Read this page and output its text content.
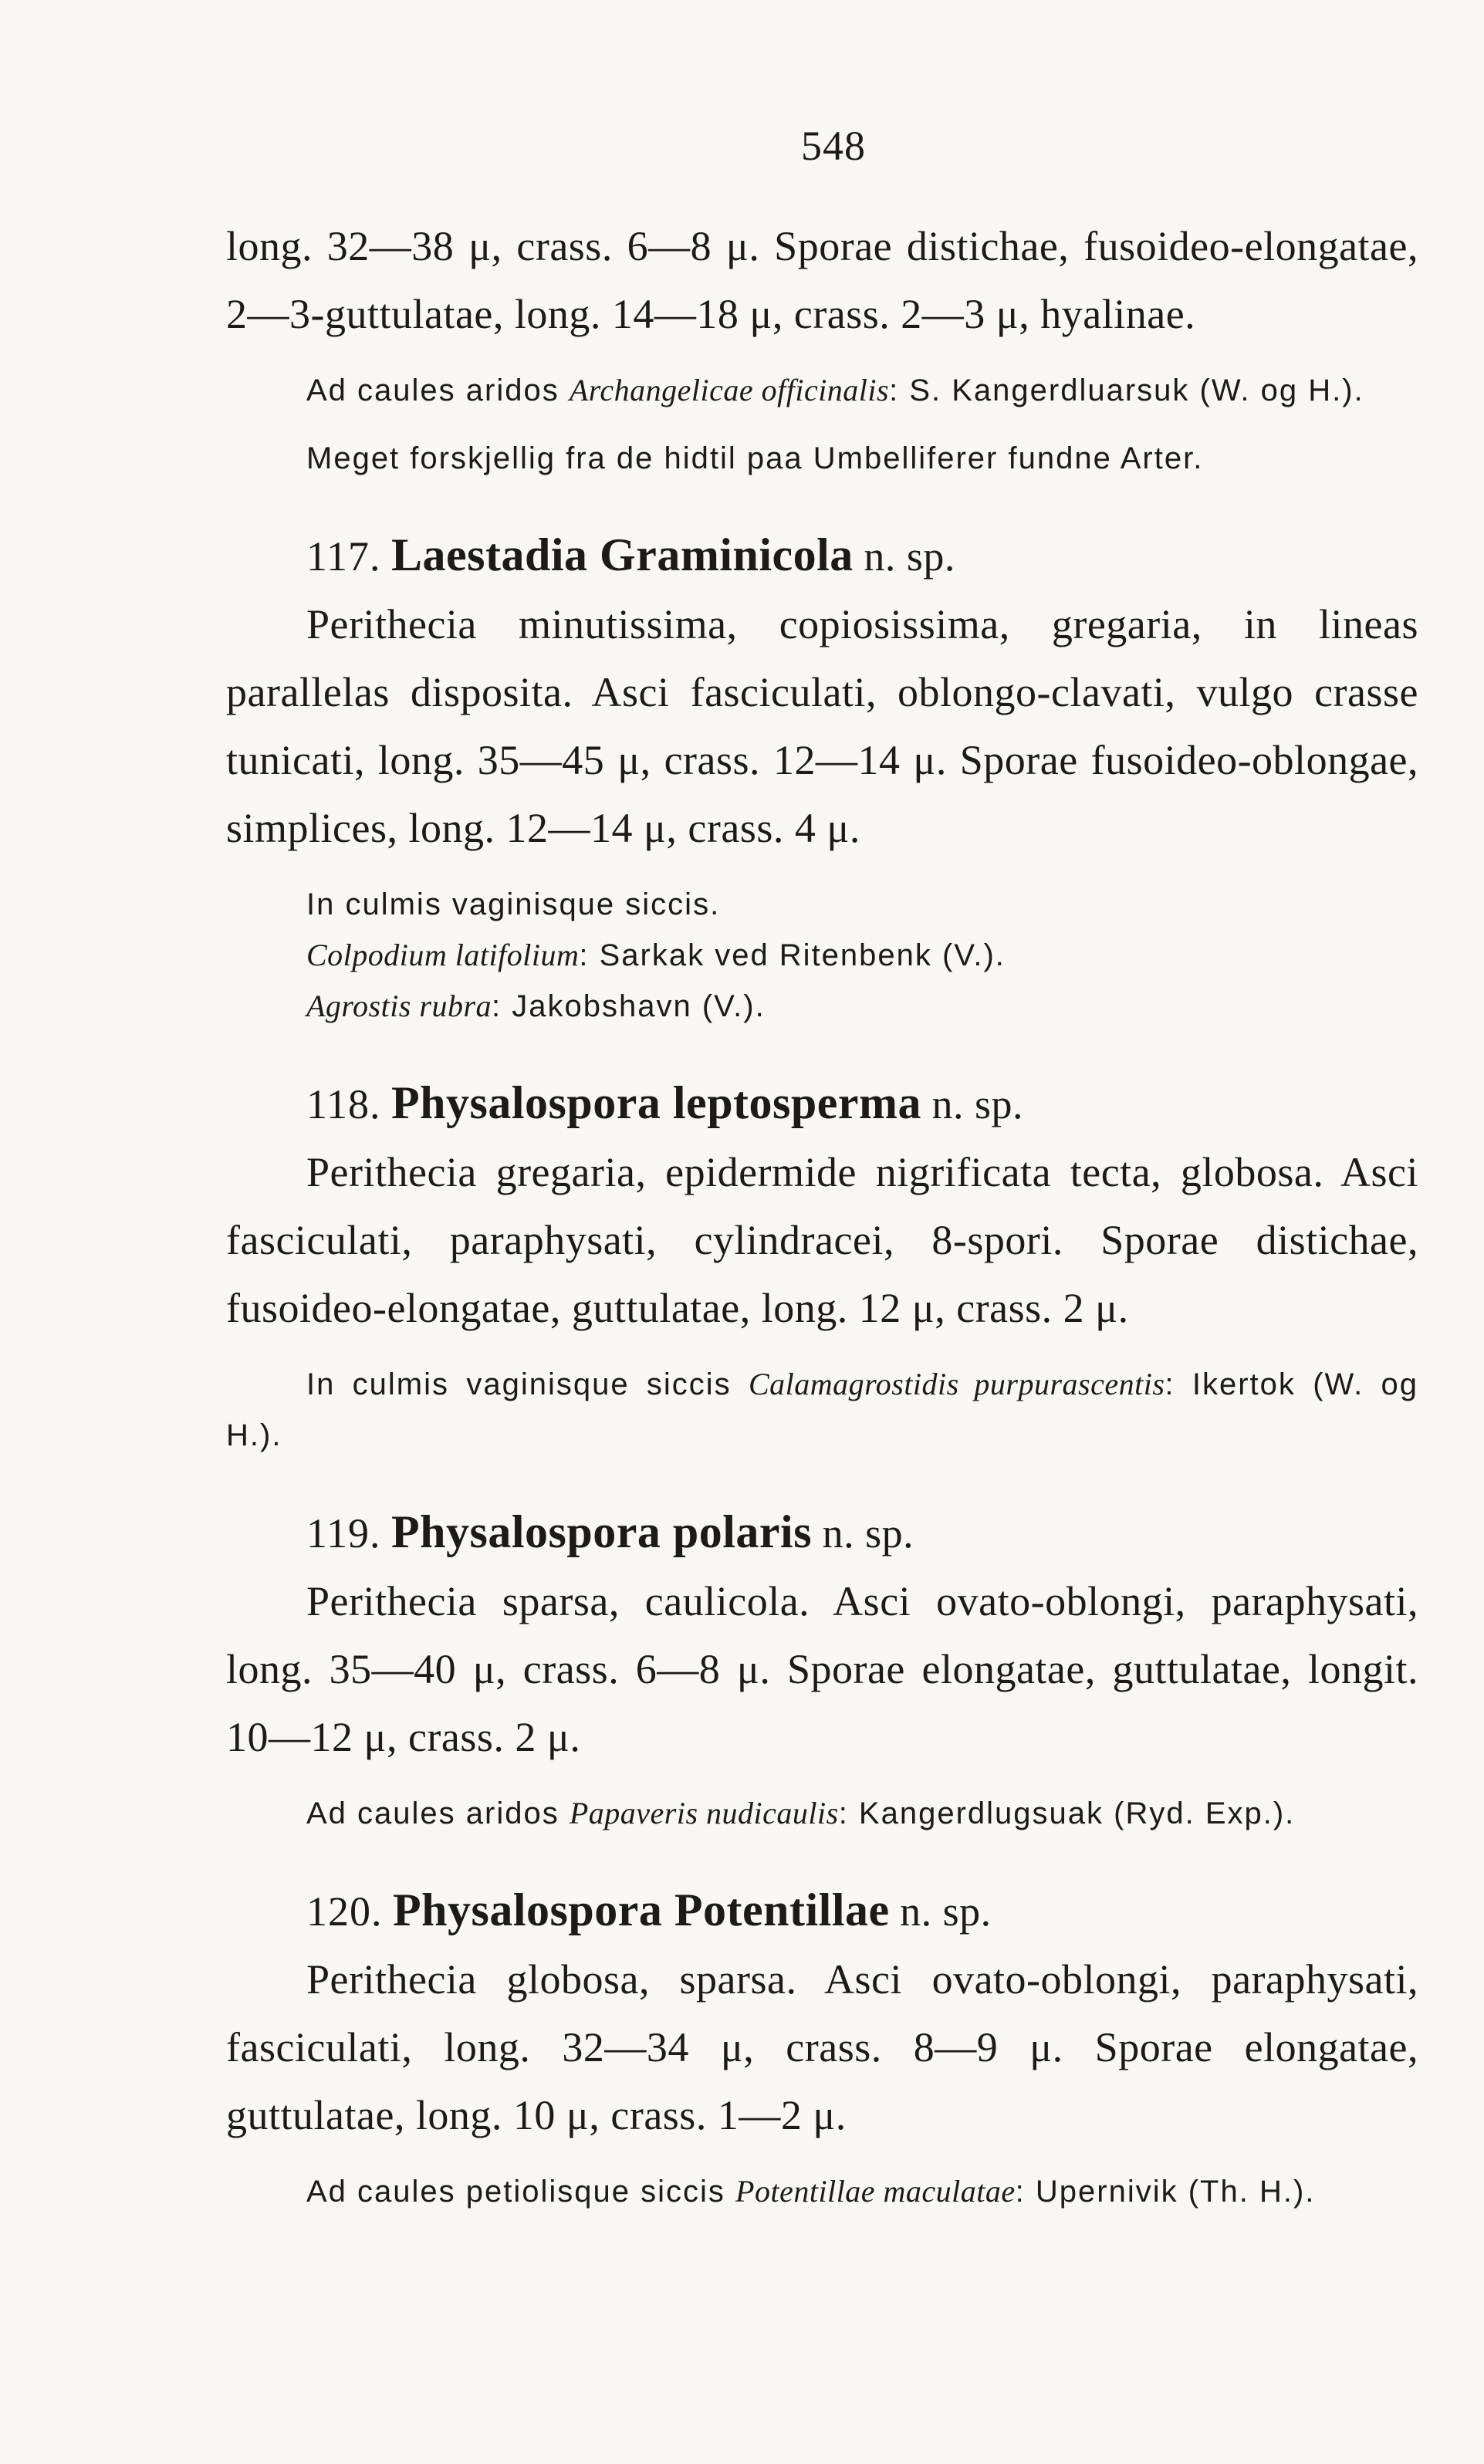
548

long. 32—38 μ, crass. 6—8 μ. Sporae distichae, fusoideo-elongatae, 2—3-guttulatae, long. 14—18 μ, crass. 2—3 μ, hyalinae.

Ad caules aridos Archangelicae officinalis: S. Kangerdluarsuk (W. og H.).

Meget forskjellig fra de hidtil paa Umbelliferer fundne Arter.

117. Laestadia Graminicola n. sp.

Perithecia minutissima, copiosissima, gregaria, in lineas parallelas disposita. Asci fasciculati, oblongo-clavati, vulgo crasse tunicati, long. 35—45 μ, crass. 12—14 μ. Sporae fusoideo-oblongae, simplices, long. 12—14 μ, crass. 4 μ.

In culmis vaginisque siccis.

Colpodium latifolium: Sarkak ved Ritenbenk (V.).

Agrostis rubra: Jakobshavn (V.).

118. Physalospora leptosperma n. sp.

Perithecia gregaria, epidermide nigrificata tecta, globosa. Asci fasciculati, paraphysati, cylindracei, 8-spori. Sporae distichae, fusoideo-elongatae, guttulatae, long. 12 μ, crass. 2 μ.

In culmis vaginisque siccis Calamagrostidis purpurascentis: Ikertok (W. og H.).

119. Physalospora polaris n. sp.

Perithecia sparsa, caulicola. Asci ovato-oblongi, paraphysati, long. 35—40 μ, crass. 6—8 μ. Sporae elongatae, guttulatae, longit. 10—12 μ, crass. 2 μ.

Ad caules aridos Papaveris nudicaulis: Kangerdlugsuak (Ryd. Exp.).

120. Physalospora Potentillae n. sp.

Perithecia globosa, sparsa. Asci ovato-oblongi, paraphysati, fasciculati, long. 32—34 μ, crass. 8—9 μ. Sporae elongatae, guttulatae, long. 10 μ, crass. 1—2 μ.

Ad caules petiolisque siccis Potentillae maculatae: Upernivik (Th. H.).
